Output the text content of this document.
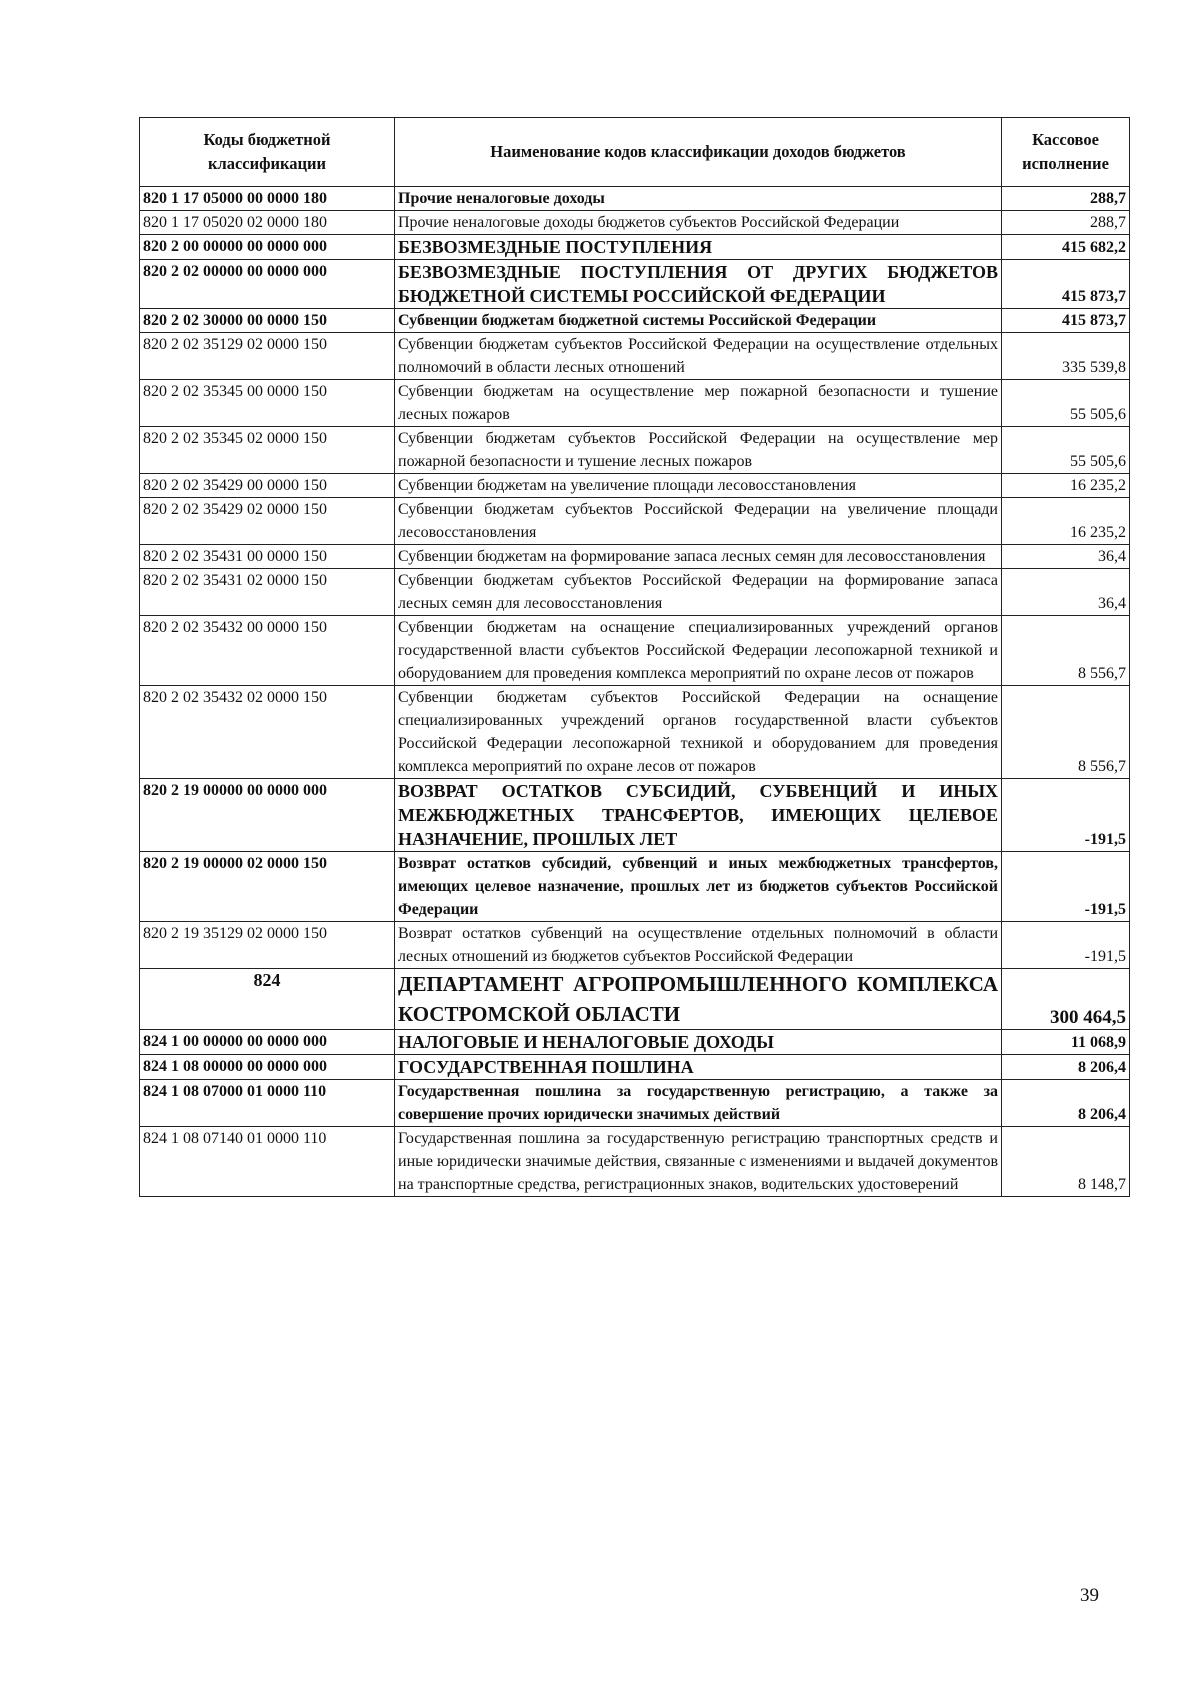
Коды бюджетной классификации	Наименование кодов классификации доходов бюджетов	Кассовое исполнение
820 1 17 05000 00 0000 180	Прочие неналоговые доходы	288,7
820 1 17 05020 02 0000 180	Прочие неналоговые доходы бюджетов субъектов Российской Федерации	288,7
820 2 00 00000 00 0000 000	БЕЗВОЗМЕЗДНЫЕ ПОСТУПЛЕНИЯ	415 682,2
820 2 02 00000 00 0000 000	БЕЗВОЗМЕЗДНЫЕ ПОСТУПЛЕНИЯ ОТ ДРУГИХ БЮДЖЕТОВ БЮДЖЕТНОЙ СИСТЕМЫ РОССИЙСКОЙ ФЕДЕРАЦИИ	415 873,7
820 2 02 30000 00 0000 150	Субвенции бюджетам бюджетной системы Российской Федерации	415 873,7
820 2 02 35129 02 0000 150	Субвенции бюджетам субъектов Российской Федерации на осуществление отдельных полномочий в области лесных отношений	335 539,8
820 2 02 35345 00 0000 150	Субвенции бюджетам на осуществление мер пожарной безопасности и тушение лесных пожаров	55 505,6
820 2 02 35345 02 0000 150	Субвенции бюджетам субъектов Российской Федерации на осуществление мер пожарной безопасности и тушение лесных пожаров	55 505,6
820 2 02 35429 00 0000 150	Субвенции бюджетам на увеличение площади лесовосстановления	16 235,2
820 2 02 35429 02 0000 150	Субвенции бюджетам субъектов Российской Федерации на увеличение площади лесовосстановления	16 235,2
820 2 02 35431 00 0000 150	Субвенции бюджетам на формирование запаса лесных семян для лесовосстановления	36,4
820 2 02 35431 02 0000 150	Субвенции бюджетам субъектов Российской Федерации на формирование запаса лесных семян для лесовосстановления	36,4
820 2 02 35432 00 0000 150	Субвенции бюджетам на оснащение специализированных учреждений органов государственной власти субъектов Российской Федерации лесопожарной техникой и оборудованием для проведения комплекса мероприятий по охране лесов от пожаров	8 556,7
820 2 02 35432 02 0000 150	Субвенции бюджетам субъектов Российской Федерации на оснащение специализированных учреждений органов государственной власти субъектов Российской Федерации лесопожарной техникой и оборудованием для проведения комплекса мероприятий по охране лесов от пожаров	8 556,7
820 2 19 00000 00 0000 000	ВОЗВРАТ ОСТАТКОВ СУБСИДИЙ, СУБВЕНЦИЙ И ИНЫХ МЕЖБЮДЖЕТНЫХ ТРАНСФЕРТОВ, ИМЕЮЩИХ ЦЕЛЕВОЕ НАЗНАЧЕНИЕ, ПРОШЛЫХ ЛЕТ	-191,5
820 2 19 00000 02 0000 150	Возврат остатков субсидий, субвенций и иных межбюджетных трансфертов, имеющих целевое назначение, прошлых лет из бюджетов субъектов Российской Федерации	-191,5
820 2 19 35129 02 0000 150	Возврат остатков субвенций на осуществление отдельных полномочий в области лесных отношений из бюджетов субъектов Российской Федерации	-191,5
824	ДЕПАРТАМЕНТ АГРОПРОМЫШЛЕННОГО КОМПЛЕКСА КОСТРОМСКОЙ ОБЛАСТИ	300 464,5
824 1 00 00000 00 0000 000	НАЛОГОВЫЕ И НЕНАЛОГОВЫЕ ДОХОДЫ	11 068,9
824 1 08 00000 00 0000 000	ГОСУДАРСТВЕННАЯ ПОШЛИНА	8 206,4
824 1 08 07000 01 0000 110	Государственная пошлина за государственную регистрацию, а также за совершение прочих юридически значимых действий	8 206,4
824 1 08 07140 01 0000 110	Государственная пошлина за государственную регистрацию транспортных средств и иные юридически значимые действия, связанные с изменениями и выдачей документов на транспортные средства, регистрационных знаков, водительских удостоверений	8 148,7
39
